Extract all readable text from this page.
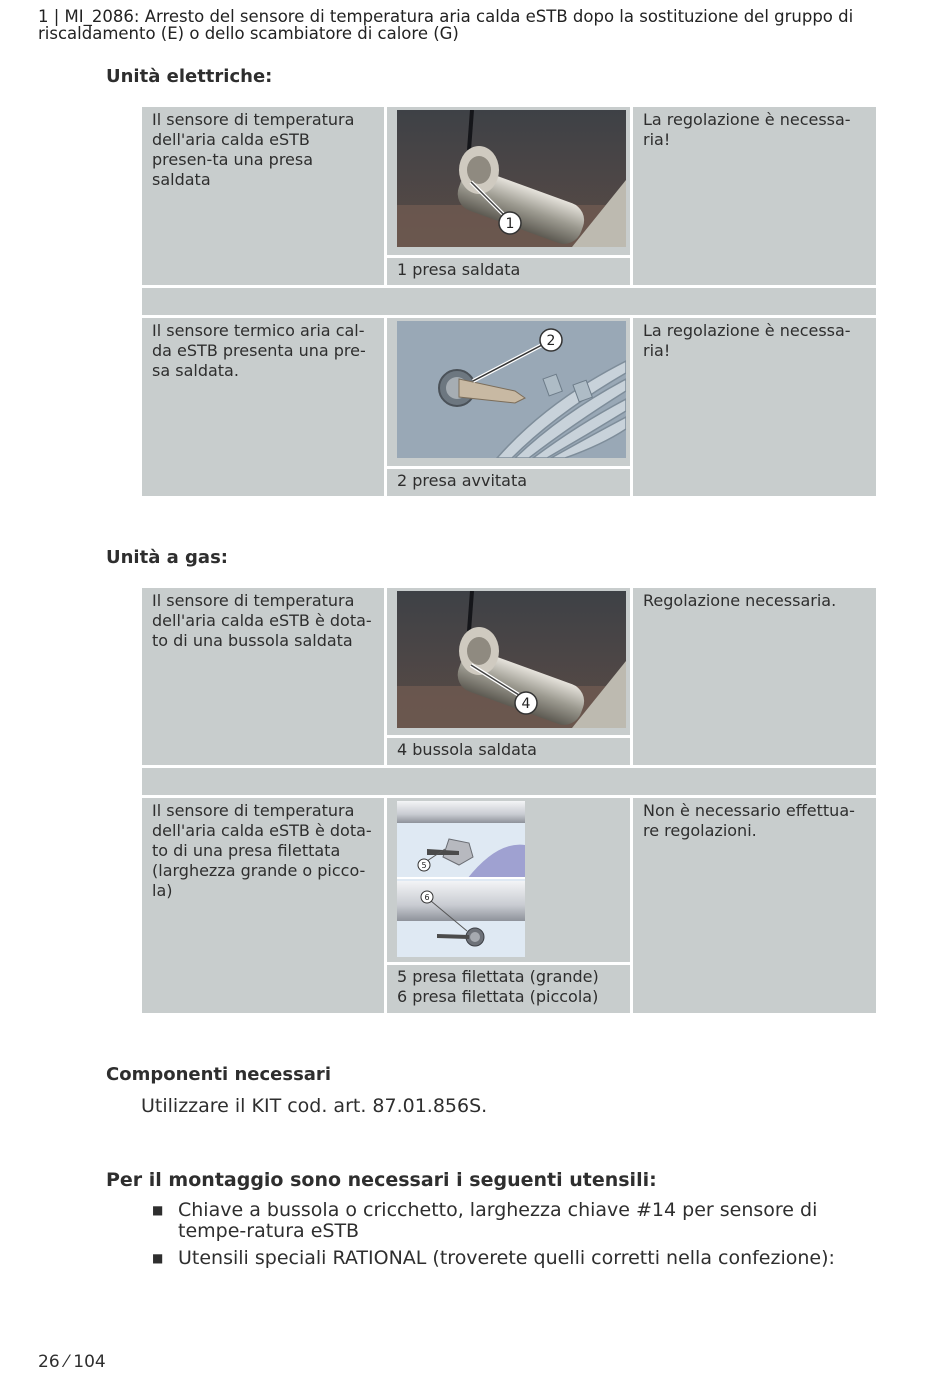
1 | MI_2086: Arresto del sensore di temperatura aria calda eSTB dopo la sostituzione del gruppo di riscaldamento (E) o dello scambiatore di calore (G)
Unità elettriche:
Il sensore di temperatura dell'aria calda eSTB presen-ta una presa saldata
1
1 presa saldata
La regolazione è necessa-ria!
Il sensore termico aria cal-da eSTB presenta una pre-sa saldata.
2
2 presa avvitata
La regolazione è necessa-ria!
Unità a gas:
Il sensore di temperatura dell'aria calda eSTB è dota-to di una bussola saldata
4
4 bussola saldata
Regolazione necessaria.
Il sensore di temperatura dell'aria calda eSTB è dota-to di una presa filettata (larghezza grande o picco-la)
5
6
5 presa filettata (grande)
6 presa filettata (piccola)
Non è necessario effettua-re regolazioni.
Componenti necessari
Utilizzare il KIT cod. art. 87.01.856S.
Per il montaggio sono necessari i seguenti utensili:
■ Chiave a bussola o cricchetto, larghezza chiave #14 per sensore di tempe-ratura eSTB
■ Utensili speciali RATIONAL (troverete quelli corretti nella confezione):
26 ⁄ 104
